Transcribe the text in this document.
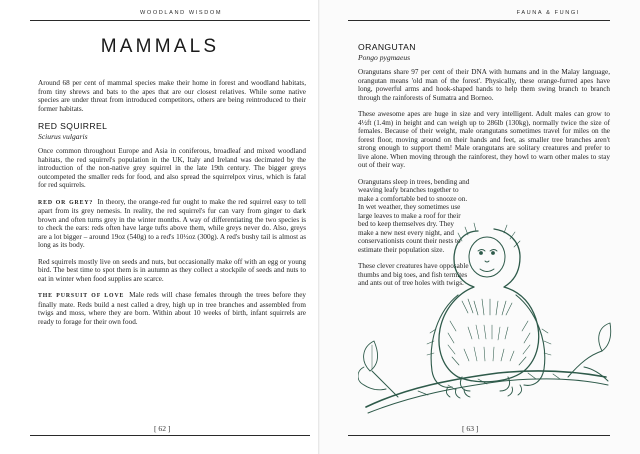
WOODLAND WISDOM
MAMMALS

Around 68 per cent of mammal species make their home in forest and woodland habitats, from tiny shrews and bats to the apes that are our closest relatives. While some native species are under threat from introduced competitors, others are being reintroduced to their former habitats.

RED SQUIRREL
Sciurus vulgaris

Once common throughout Europe and Asia in coniferous, broadleaf and mixed woodland habitats, the red squirrel's population in the UK, Italy and Ireland was decimated by the introduction of the non-native grey squirrel in the late 19th century. The bigger greys outcompeted the smaller reds for food, and also spread the squirrelpox virus, which is fatal for red squirrels.

RED OR GREY? In theory, the orange-red fur ought to make the red squirrel easy to tell apart from its grey nemesis. In reality, the red squirrel's fur can vary from ginger to dark brown and often turns grey in the winter months. A way of differentiating the two species is to check the ears: reds often have large tufts above them, while greys never do. Also, greys are a lot bigger – around 19oz (540g) to a red's 10½oz (300g). A red's bushy tail is almost as long as its body.

Red squirrels mostly live on seeds and nuts, but occasionally make off with an egg or young bird. The best time to spot them is in autumn as they collect a stockpile of seeds and nuts to eat in winter when food supplies are scarce.

THE PURSUIT OF LOVE Male reds will chase females through the trees before they finally mate. Reds build a nest called a drey, high up in tree branches and assembled from twigs and moss, where they are born. Within about 10 weeks of birth, infant squirrels are ready to forage for their own food.

[ 62 ]
FAUNA & FUNGI
ORANGUTAN
Pongo pygmaeus

Orangutans share 97 per cent of their DNA with humans and in the Malay language, orangutan means 'old man of the forest'. Physically, these orange-furred apes have long, powerful arms and hook-shaped hands to help them swing branch to branch through the rainforests of Sumatra and Borneo.

These awesome apes are huge in size and very intelligent. Adult males can grow to 4½ft (1.4m) in height and can weigh up to 286lb (130kg), normally twice the size of females. Because of their weight, male orangutans sometimes travel for miles on the forest floor, moving around on their hands and feet, as smaller tree branches aren't strong enough to support them! Male orangutans are solitary creatures and prefer to live alone. When moving through the rainforest, they howl to warn other males to stay out of their way.

Orangutans sleep in trees, bending and weaving leafy branches together to make a comfortable bed to snooze on. In wet weather, they sometimes use large leaves to make a roof for their bed to keep themselves dry. They make a new nest every night, and conservationists count their nests to estimate their population size.

These clever creatures have opposable thumbs and big toes, and fish termites and ants out of tree holes with twigs.

[ 63 ]
